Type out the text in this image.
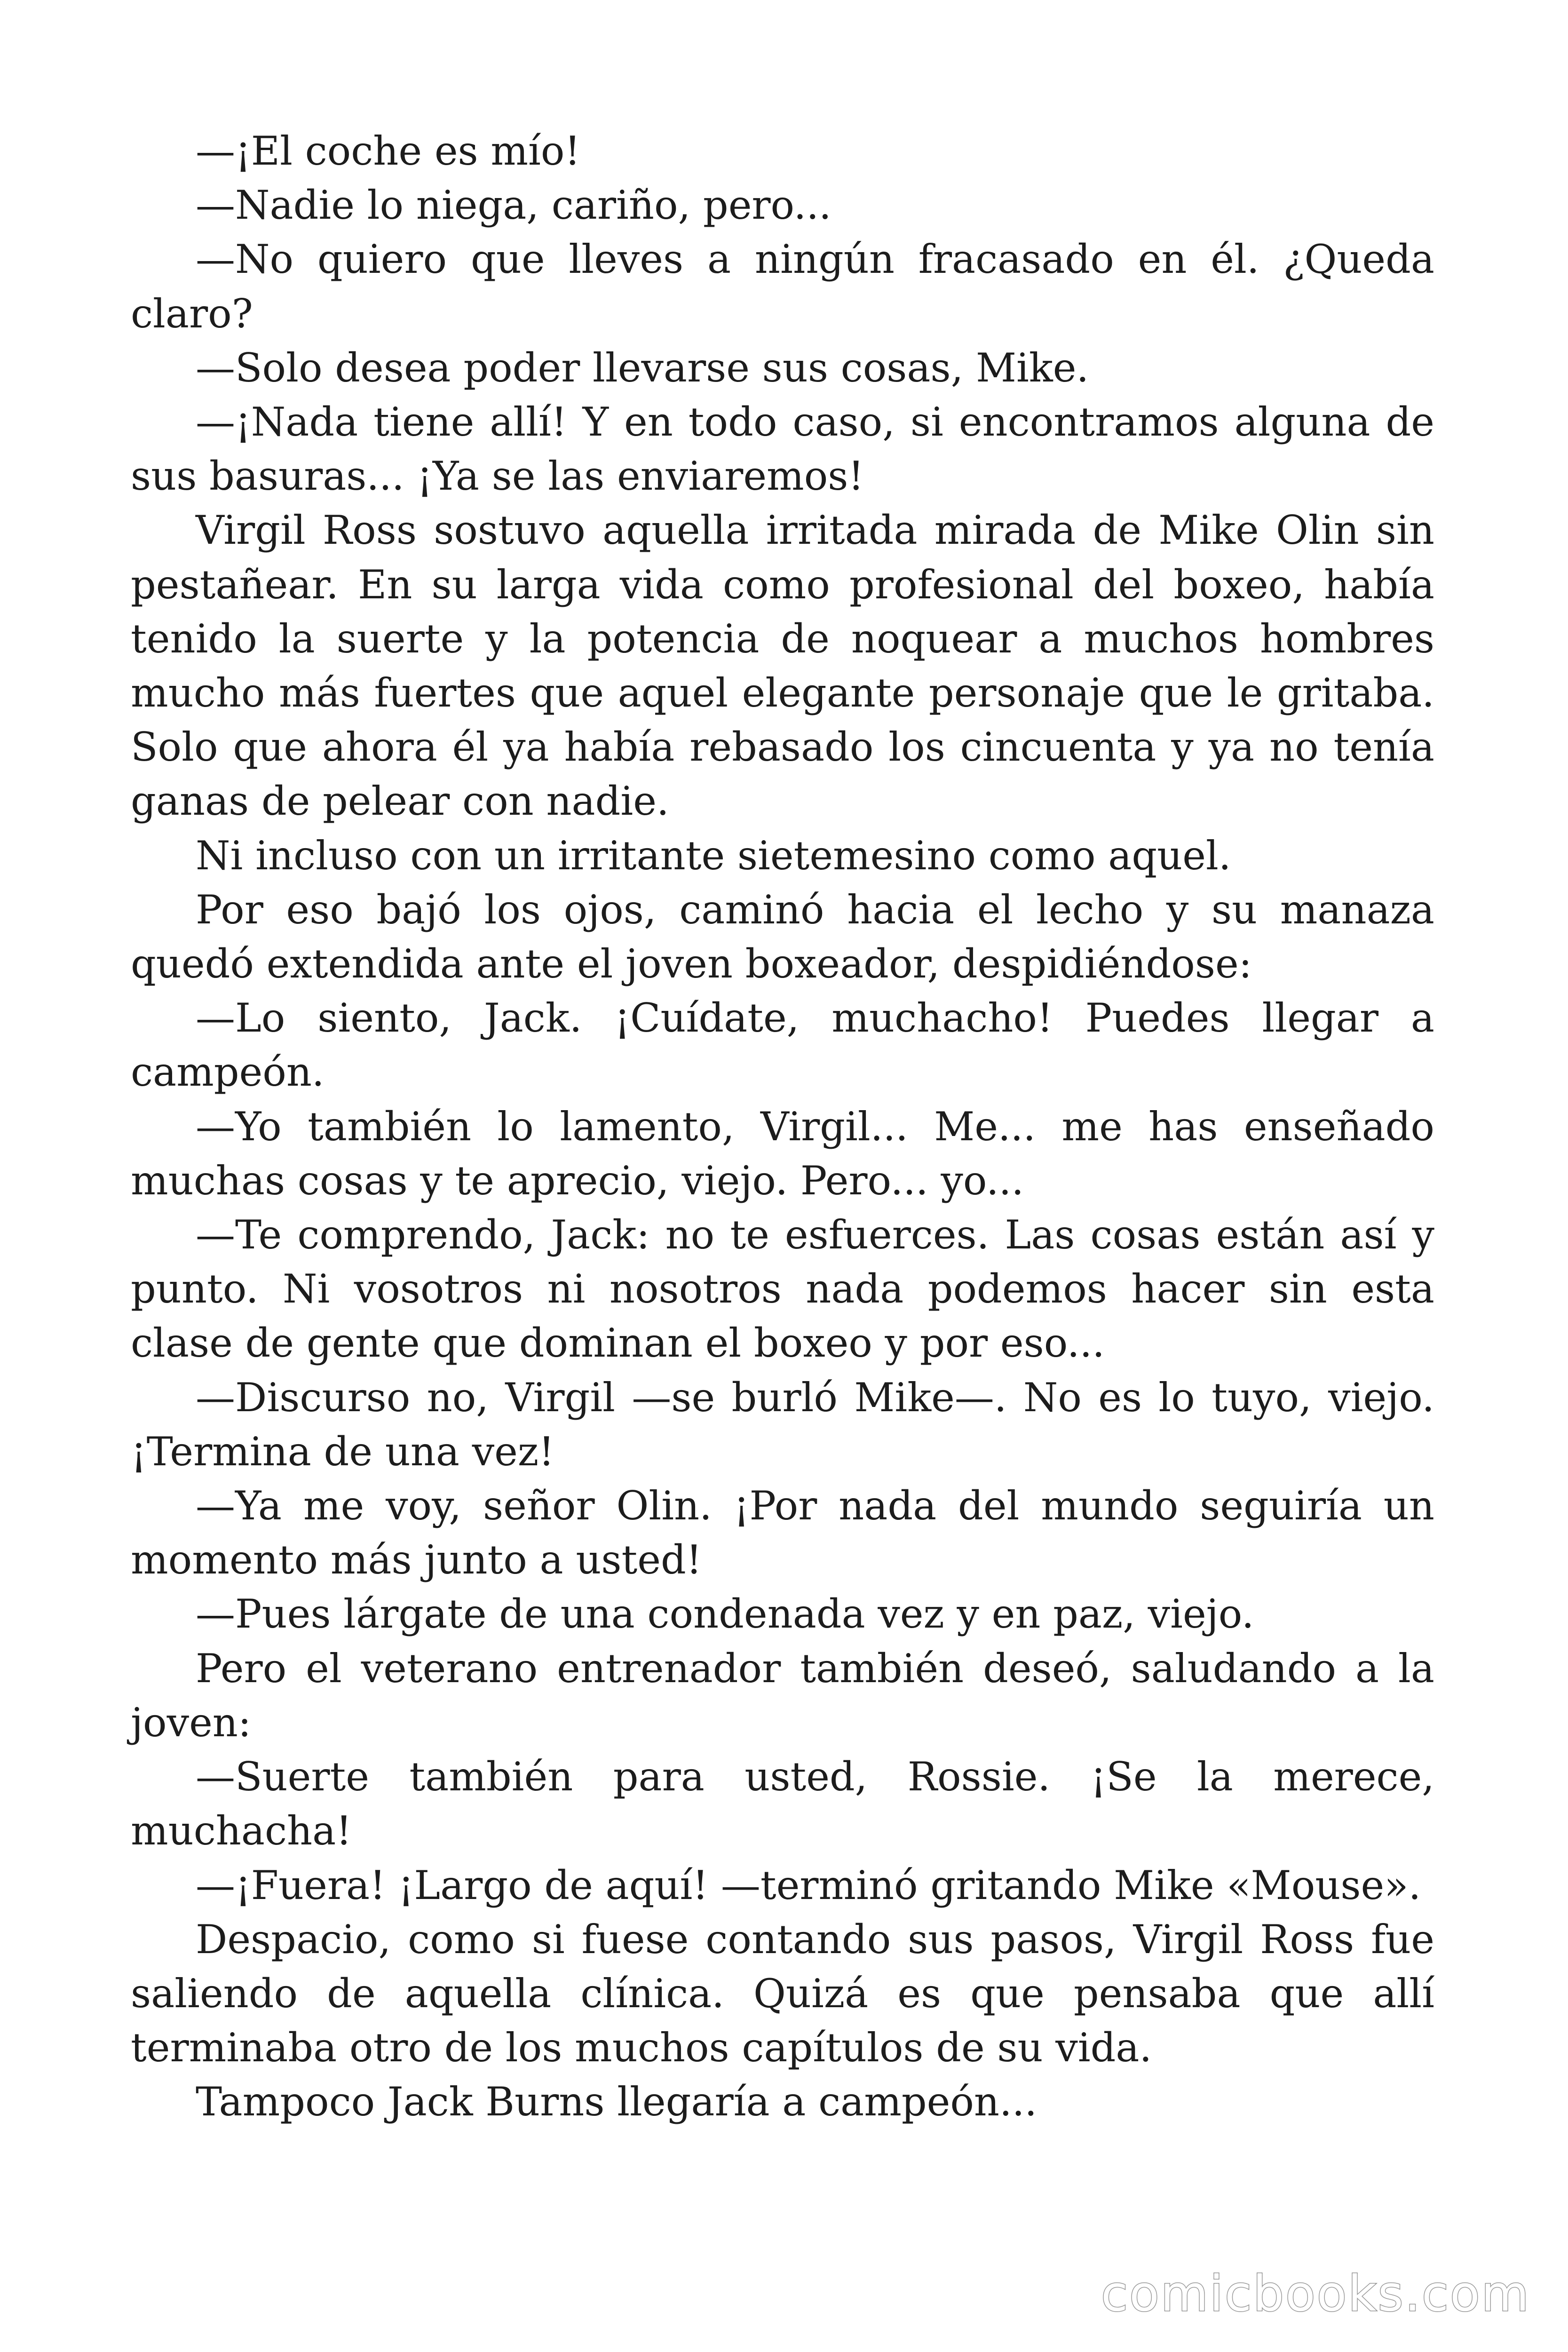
—¡El coche es mío!

—Nadie lo niega, cariño, pero...

—No quiero que lleves a ningún fracasado en él. ¿Queda claro?

—Solo desea poder llevarse sus cosas, Mike.

—¡Nada tiene allí! Y en todo caso, si encontramos alguna de sus basuras... ¡Ya se las enviaremos!

Virgil Ross sostuvo aquella irritada mirada de Mike Olin sin pestañear. En su larga vida como profesional del boxeo, había tenido la suerte y la potencia de noquear a muchos hombres mucho más fuertes que aquel elegante personaje que le gritaba. Solo que ahora él ya había rebasado los cincuenta y ya no tenía ganas de pelear con nadie.

Ni incluso con un irritante sietemesino como aquel.

Por eso bajó los ojos, caminó hacia el lecho y su manaza quedó extendida ante el joven boxeador, despidiéndose:

—Lo siento, Jack. ¡Cuídate, muchacho! Puedes llegar a campeón.

—Yo también lo lamento, Virgil... Me... me has enseñado muchas cosas y te aprecio, viejo. Pero... yo...

—Te comprendo, Jack: no te esfuerces. Las cosas están así y punto. Ni vosotros ni nosotros nada podemos hacer sin esta clase de gente que dominan el boxeo y por eso...

—Discurso no, Virgil —se burló Mike—. No es lo tuyo, viejo. ¡Termina de una vez!

—Ya me voy, señor Olin. ¡Por nada del mundo seguiría un momento más junto a usted!

—Pues lárgate de una condenada vez y en paz, viejo.

Pero el veterano entrenador también deseó, saludando a la joven:

—Suerte también para usted, Rossie. ¡Se la merece, muchacha!

—¡Fuera! ¡Largo de aquí! —terminó gritando Mike «Mouse».

Despacio, como si fuese contando sus pasos, Virgil Ross fue saliendo de aquella clínica. Quizá es que pensaba que allí terminaba otro de los muchos capítulos de su vida.

Tampoco Jack Burns llegaría a campeón...

comicbooks.com
